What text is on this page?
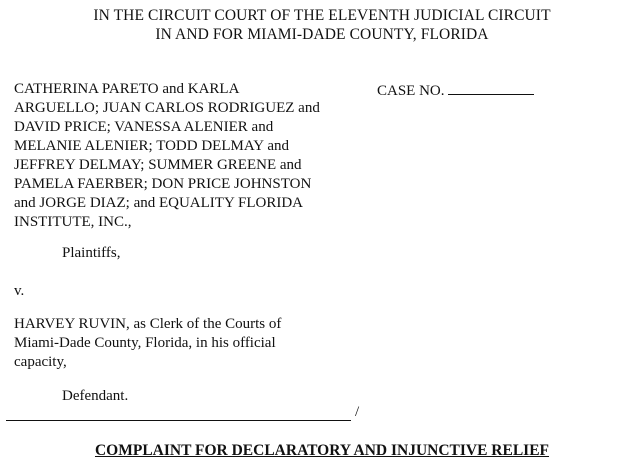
IN THE CIRCUIT COURT OF THE ELEVENTH JUDICIAL CIRCUIT
IN AND FOR MIAMI-DADE COUNTY, FLORIDA
CATHERINA PARETO and KARLA
ARGUELLO; JUAN CARLOS RODRIGUEZ and
DAVID PRICE; VANESSA ALENIER and
MELANIE ALENIER; TODD DELMAY and
JEFFREY DELMAY; SUMMER GREENE and
PAMELA FAERBER; DON PRICE JOHNSTON
and JORGE DIAZ; and EQUALITY FLORIDA
INSTITUTE, INC.,
CASE NO.
Plaintiffs,
v.
HARVEY RUVIN, as Clerk of the Courts of
Miami-Dade County, Florida, in his official
capacity,
Defendant.
/
COMPLAINT FOR DECLARATORY AND INJUNCTIVE RELIEF
